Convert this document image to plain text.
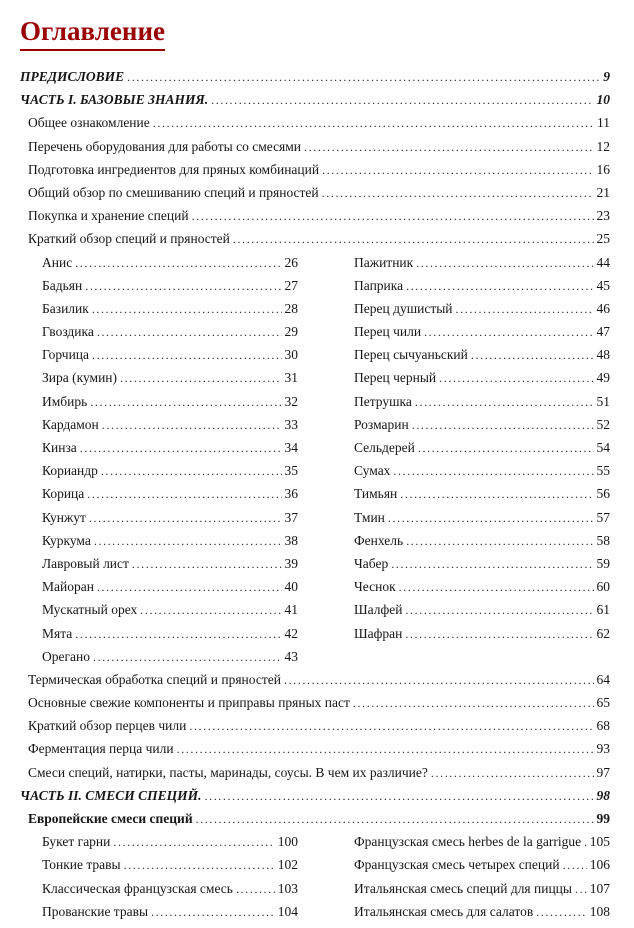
Оглавление
ПРЕДИСЛОВИЕ .....	9
ЧАСТЬ I. БАЗОВЫЕ ЗНАНИЯ. .....	10
Общее ознакомление .....	11
Перечень оборудования для работы со смесями .....	12
Подготовка ингредиентов для пряных комбинаций .....	16
Общий обзор по смешиванию специй и пряностей .....	21
Покупка и хранение специй .....	23
Краткий обзор специй и пряностей .....	25
Анис .....	26
Бадьян .....	27
Базилик .....	28
Гвоздика .....	29
Горчица .....	30
Зира (кумин) .....	31
Имбирь .....	32
Кардамон .....	33
Кинза .....	34
Кориандр .....	35
Корица .....	36
Кунжут .....	37
Куркума .....	38
Лавровый лист .....	39
Майоран .....	40
Мускатный орех .....	41
Мята .....	42
Орегано .....	43
Пажитник .....	44
Паприка .....	45
Перец душистый .....	46
Перец чили .....	47
Перец сычуаньский .....	48
Перец черный .....	49
Петрушка .....	51
Розмарин .....	52
Сельдерей .....	54
Сумах .....	55
Тимьян .....	56
Тмин .....	57
Фенхель .....	58
Чабер .....	59
Чеснок .....	60
Шалфей .....	61
Шафран .....	62
Термическая обработка специй и пряностей .....	64
Основные свежие компоненты и приправы пряных паст .....	65
Краткий обзор перцев чили .....	68
Ферментация перца чили .....	93
Смеси специй, натирки, пасты, маринады, соусы. В чем их различие? .....	97
ЧАСТЬ II. СМЕСИ СПЕЦИЙ. .....	98
Европейские смеси специй .....	99
Букет гарни .....	100
Тонкие травы .....	102
Классическая французская смесь .....	103
Прованские травы .....	104
Французская смесь herbes de la garrigue ..... 105
Французская смесь четырех специй ..... 106
Итальянская смесь специй для пиццы ..... 107
Итальянская смесь для салатов .....	108
